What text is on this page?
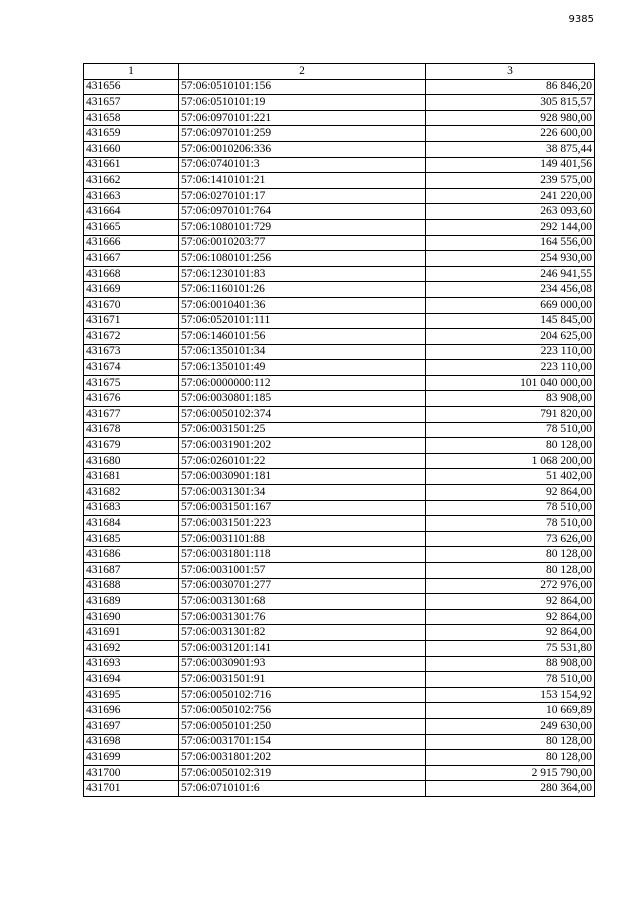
9385
1	2	3
431656	57:06:0510101:156	86 846,20
431657	57:06:0510101:19	305 815,57
431658	57:06:0970101:221	928 980,00
431659	57:06:0970101:259	226 600,00
431660	57:06:0010206:336	38 875,44
431661	57:06:0740101:3	149 401,56
431662	57:06:1410101:21	239 575,00
431663	57:06:0270101:17	241 220,00
431664	57:06:0970101:764	263 093,60
431665	57:06:1080101:729	292 144,00
431666	57:06:0010203:77	164 556,00
431667	57:06:1080101:256	254 930,00
431668	57:06:1230101:83	246 941,55
431669	57:06:1160101:26	234 456,08
431670	57:06:0010401:36	669 000,00
431671	57:06:0520101:111	145 845,00
431672	57:06:1460101:56	204 625,00
431673	57:06:1350101:34	223 110,00
431674	57:06:1350101:49	223 110,00
431675	57:06:0000000:112	101 040 000,00
431676	57:06:0030801:185	83 908,00
431677	57:06:0050102:374	791 820,00
431678	57:06:0031501:25	78 510,00
431679	57:06:0031901:202	80 128,00
431680	57:06:0260101:22	1 068 200,00
431681	57:06:0030901:181	51 402,00
431682	57:06:0031301:34	92 864,00
431683	57:06:0031501:167	78 510,00
431684	57:06:0031501:223	78 510,00
431685	57:06:0031101:88	73 626,00
431686	57:06:0031801:118	80 128,00
431687	57:06:0031001:57	80 128,00
431688	57:06:0030701:277	272 976,00
431689	57:06:0031301:68	92 864,00
431690	57:06:0031301:76	92 864,00
431691	57:06:0031301:82	92 864,00
431692	57:06:0031201:141	75 531,80
431693	57:06:0030901:93	88 908,00
431694	57:06:0031501:91	78 510,00
431695	57:06:0050102:716	153 154,92
431696	57:06:0050102:756	10 669,89
431697	57:06:0050101:250	249 630,00
431698	57:06:0031701:154	80 128,00
431699	57:06:0031801:202	80 128,00
431700	57:06:0050102:319	2 915 790,00
431701	57:06:0710101:6	280 364,00
